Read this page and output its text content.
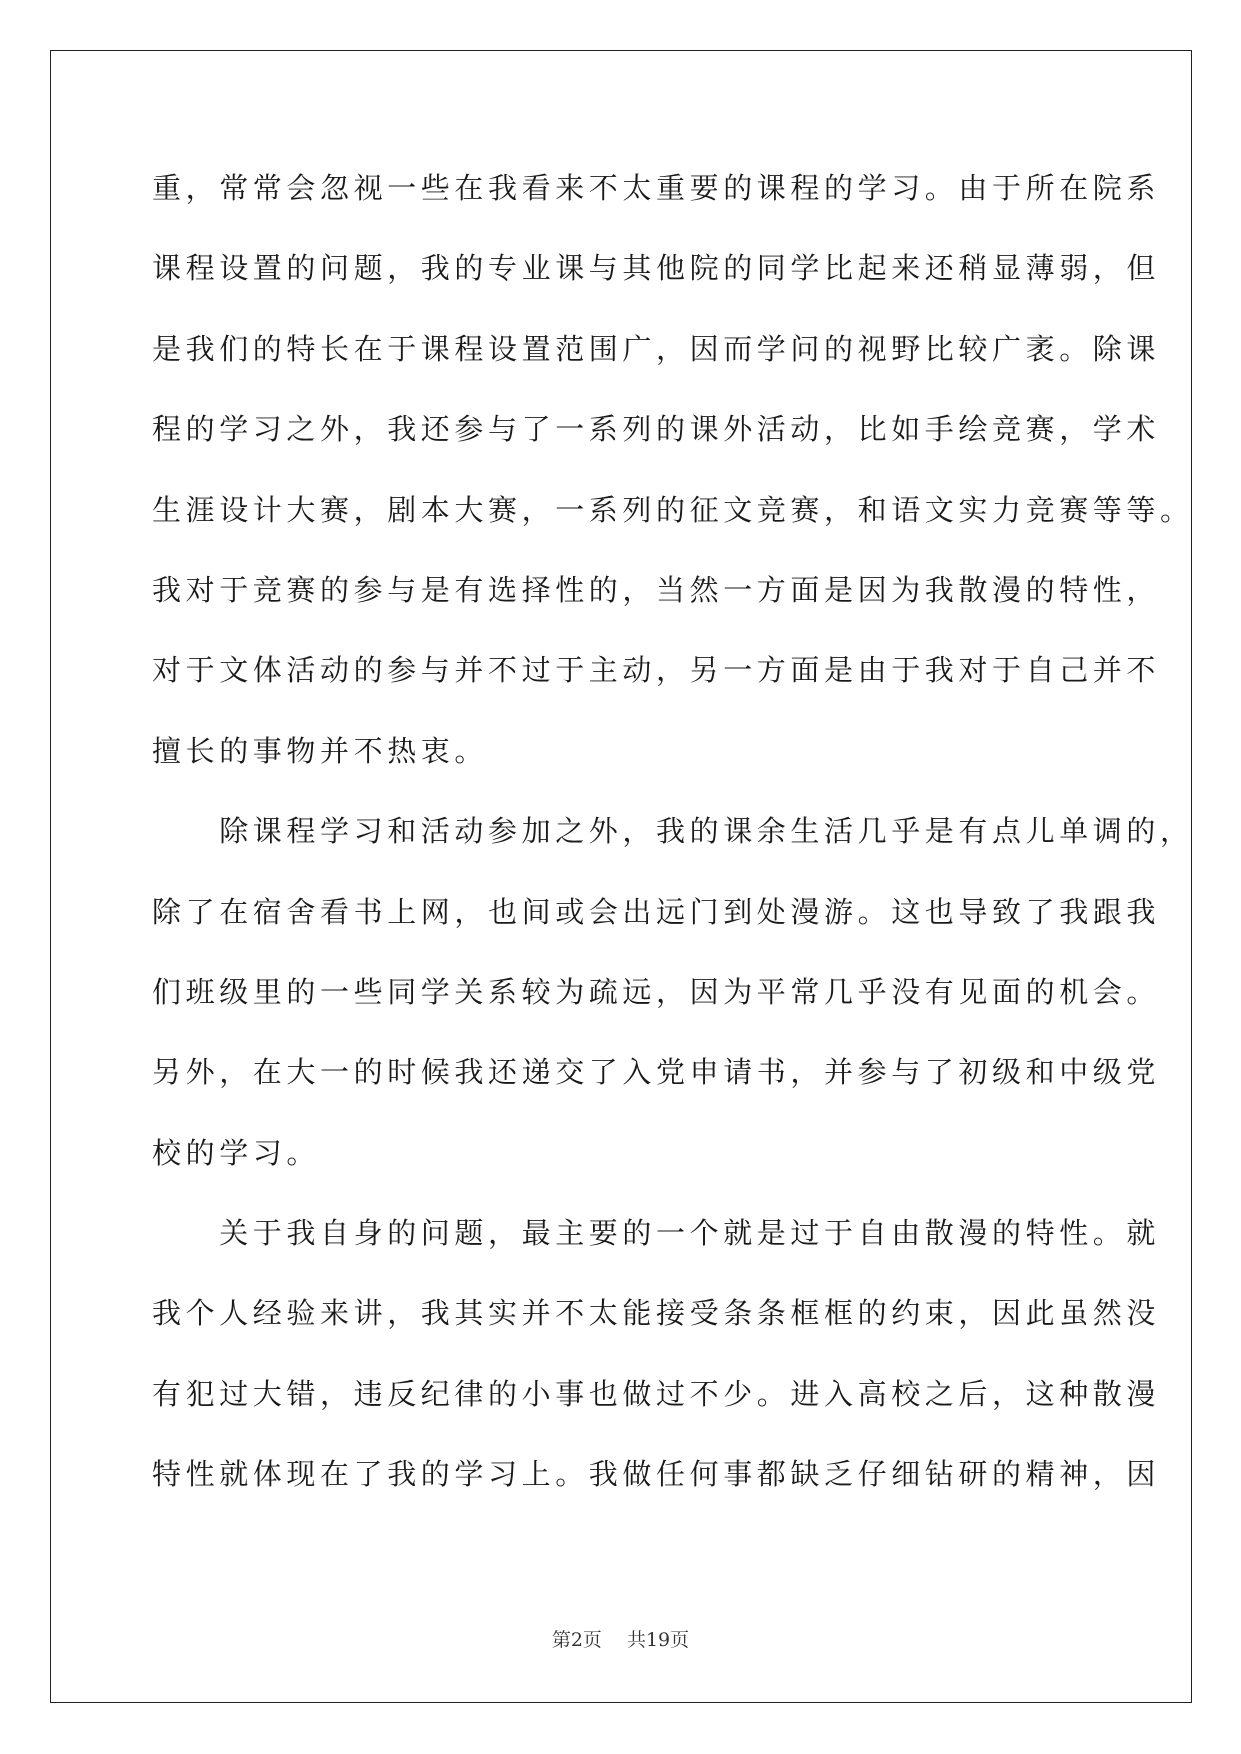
重，常常会忽视一些在我看来不太重要的课程的学习。由于所在院系
课程设置的问题，我的专业课与其他院的同学比起来还稍显薄弱，但
是我们的特长在于课程设置范围广，因而学问的视野比较广袤。除课
程的学习之外，我还参与了一系列的课外活动，比如手绘竞赛，学术
生涯设计大赛，剧本大赛，一系列的征文竞赛，和语文实力竞赛等等。
我对于竞赛的参与是有选择性的，当然一方面是因为我散漫的特性，
对于文体活动的参与并不过于主动，另一方面是由于我对于自己并不
擅长的事物并不热衷。
　　除课程学习和活动参加之外，我的课余生活几乎是有点儿单调的，
除了在宿舍看书上网，也间或会出远门到处漫游。这也导致了我跟我
们班级里的一些同学关系较为疏远，因为平常几乎没有见面的机会。
另外，在大一的时候我还递交了入党申请书，并参与了初级和中级党
校的学习。
　　关于我自身的问题，最主要的一个就是过于自由散漫的特性。就
我个人经验来讲，我其实并不太能接受条条框框的约束，因此虽然没
有犯过大错，违反纪律的小事也做过不少。进入高校之后，这种散漫
特性就体现在了我的学习上。我做任何事都缺乏仔细钻研的精神，因
第2页　 共19页
